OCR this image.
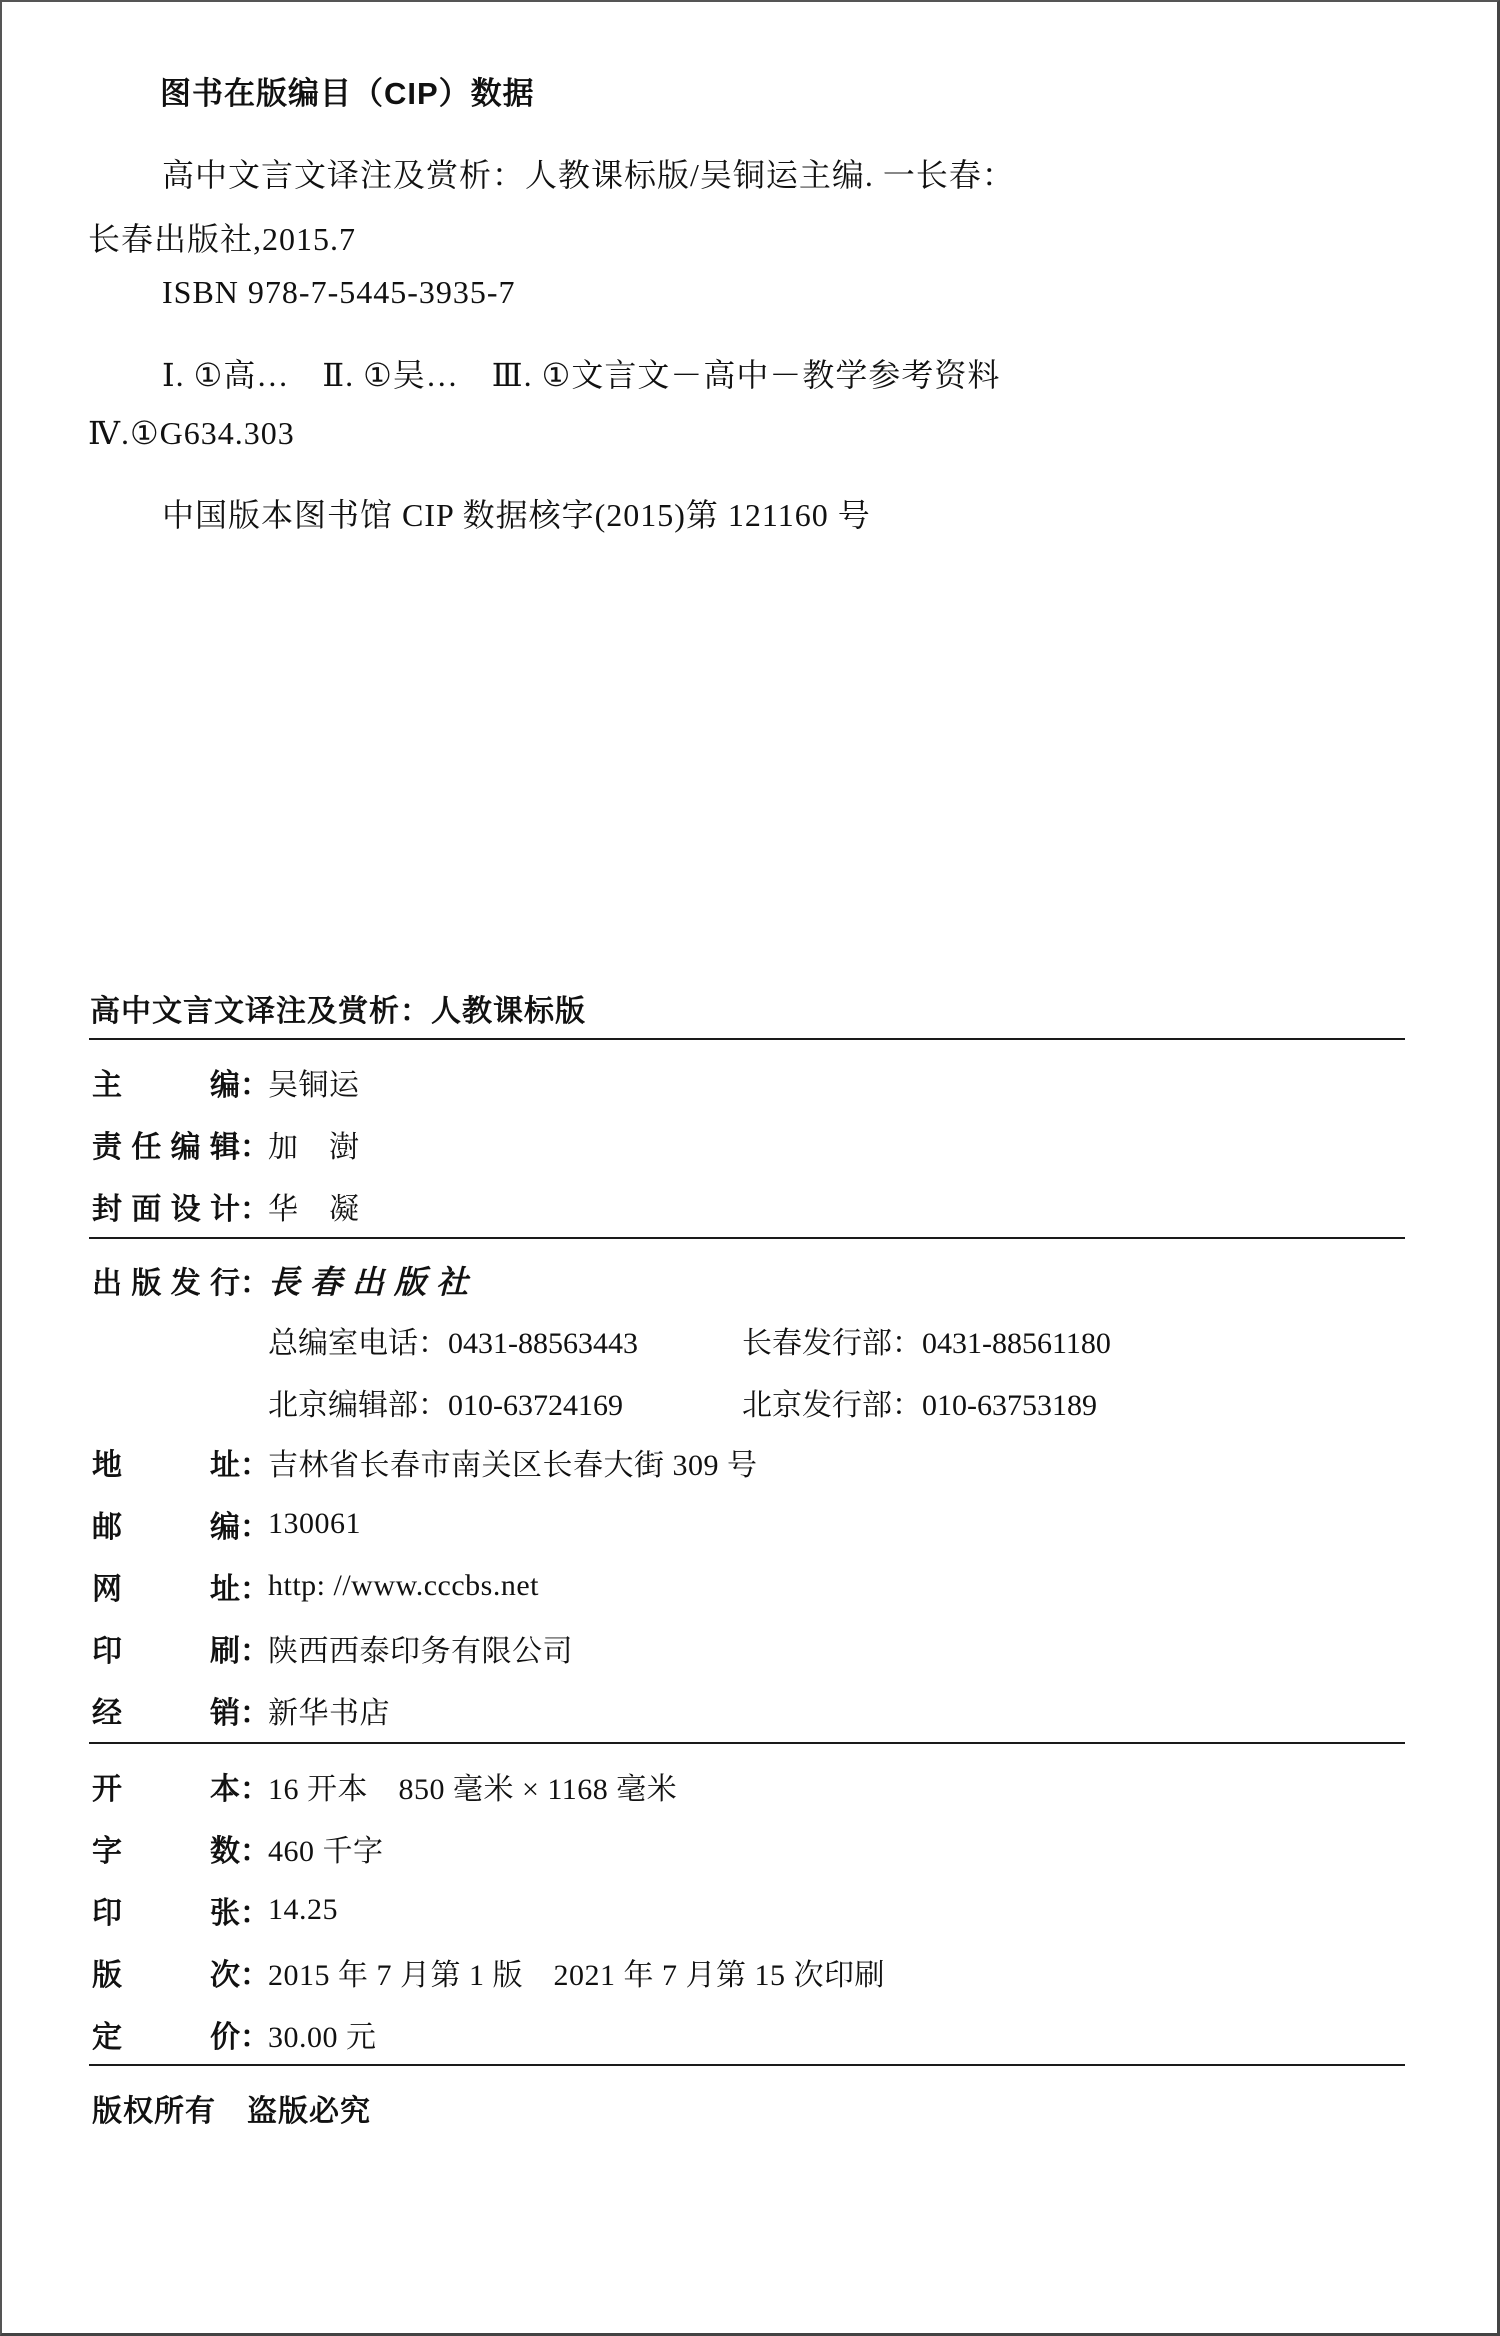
图书在版编目（CIP）数据
高中文言文译注及赏析：人教课标版/吴铜运主编. 一长春：
长春出版社,2015.7
ISBN 978-7-5445-3935-7
Ⅰ. ①高…　Ⅱ. ①吴…　Ⅲ. ①文言文－高中－教学参考资料
Ⅳ.①G634.303
中国版本图书馆 CIP 数据核字(2015)第 121160 号
高中文言文译注及赏析：人教课标版
主	编 ：
吴铜运
责 任 编 辑 ：
加　澍
封 面 设 计 ：
华　凝
出 版 发 行 ：
長春出版社
总编室电话：0431-88563443	长春发行部：0431-88561180
北京编辑部：010-63724169	北京发行部：010-63753189
地	址 ：
吉林省长春市南关区长春大街 309 号
邮	编 ：
130061
网	址 ：
http: //www.cccbs.net
印	刷 ：
陕西西泰印务有限公司
经	销 ：
新华书店
开	本 ：
16 开本　850 毫米 × 1168 毫米
字	数 ：
460 千字
印	张 ：
14.25
版	次 ：
2015 年 7 月第 1 版　2021 年 7 月第 15 次印刷
定	价 ：
30.00 元
版权所有　盗版必究
